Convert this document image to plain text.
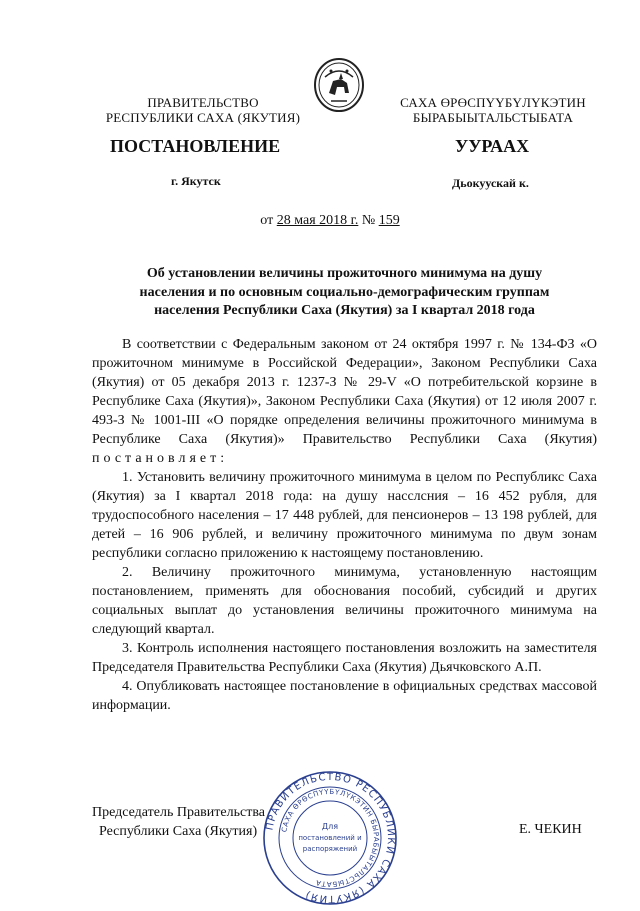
ПРАВИТЕЛЬСТВО
РЕСПУБЛИКИ САХА (ЯКУТИЯ)
САХА ӨРӨСПҮҮБҮЛҮКЭТИН
БЫРАБЫЫТАЛЬСТЫБАТА
ПОСТАНОВЛЕНИЕ	УУРААХ
г. Якутск	Дьокуускай к.
от 28 мая 2018 г. № 159
Об установлении величины прожиточного минимума на душу
населения и по основным социально-демографическим группам
населения Республики Саха (Якутия) за I квартал 2018 года

В соответствии с Федеральным законом от 24 октября 1997 г. № 134-ФЗ «О прожиточном минимуме в Российской Федерации», Законом Республики Саха (Якутия) от 05 декабря 2013 г. 1237-З № 29-V «О потребительской корзине в Республике Саха (Якутия)», Законом Республики Саха (Якутия) от 12 июля 2007 г. 493-З № 1001-III «О порядке определения величины прожиточного минимума в Республике Саха (Якутия)» Правительство Республики Саха (Якутия) постановляет:

1. Установить величину прожиточного минимума в целом по Республикс Саха (Якутия) за I квартал 2018 года: на душу насслсния – 16 452 рубля, для трудоспособного населения – 17 448 рублей, для пенсионеров – 13 198 рублей, для детей – 16 906 рублей, и величину прожиточного минимума по двум зонам республики согласно приложению к настоящему постановлению.

2. Величину прожиточного минимума, установленную настоящим постановлением, применять для обоснования пособий, субсидий и других социальных выплат до установления величины прожиточного минимума на следующий квартал.

3. Контроль исполнения настоящего постановления возложить на заместителя Председателя Правительства Республики Саха (Якутия) Дьячковского А.П.

4. Опубликовать настоящее постановление в официальных средствах массовой информации.

ПРАВИТЕЛЬСТВО РЕСПУБЛИКИ САХА (ЯКУТИЯ)
САХА ӨРӨСПҮҮБҮЛҮКЭТИН БЫРАБЫЫТАЛЬСТЫБАТА
Для
постановлений и
распоряжений
Председатель Правительства
Республики Саха (Якутия)	Е. ЧЕКИН
